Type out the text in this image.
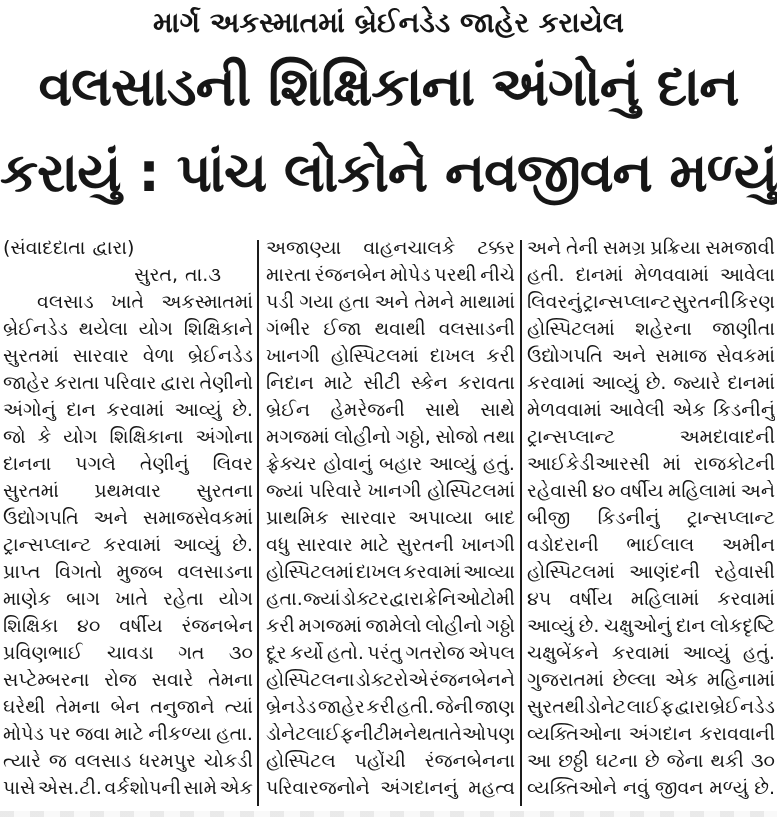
માર્ગ અકસ્માતમાં બ્રેઈનડેડ જાહેર કરાયેલ
વલસાડની શિક્ષિકાના અંગોનું દાન
કરાયું : પાંચ લોકોને નવજીવન મળ્યું
(સંવાદદાતા દ્વારા)
સુરત, તા.૩
વલસાડ ખાતે અકસ્માતમાં
બ્રેઈનડેડ થયેલા યોગ શિક્ષિકાને
સુરતમાં સારવાર વેળા બ્રેઈનડેડ
જાહેર કરાતા પરિવાર દ્વારા તેણીનો
અંગોનું દાન કરવામાં આવ્યું છે.
જો કે યોગ શિક્ષિકાના અંગોના
દાનના પગલે તેણીનું લિવર
સુરતમાં પ્રથમવાર સુરતના
ઉદ્યોગપતિ અને સમાજસેવકમાં
ટ્રાન્સપ્લાન્ટ કરવામાં આવ્યું છે.
પ્રાપ્ત વિગતો મુજબ વલસાડના
માણેક બાગ ખાતે રહેતા યોગ
શિક્ષિકા ૪૦ વર્ષીય રંજનબેન
પ્રવિણભાઈ ચાવડા ગત ૩૦
સપ્ટેમ્બરના રોજ સવારે તેમના
ઘરેથી તેમના બેન તનુજાને ત્યાં
મોપેડ પર જવા માટે નીકળ્યા હતા.
ત્યારે જ વલસાડ ધરમપુર ચોકડી
પાસે એસ.ટી. વર્કશોપની સામે એક
અજાણ્યા વાહનચાલકે ટક્કર
મારતા રંજનબેન મોપેડ પરથી નીચે
પડી ગયા હતા અને તેમને માથામાં
ગંભીર ઈજા થવાથી વલસાડની
ખાનગી હોસ્પિટલમાં દાખલ કરી
નિદાન માટે સીટી સ્કેન કરાવતા
બ્રેઈન હેમરેજની સાથે સાથે
મગજમાં લોહીનો ગઠ્ઠો, સોજો તથા
ફ્રેક્ચર હોવાનું બહાર આવ્યું હતું.
જ્યાં પરિવારે ખાનગી હોસ્પિટલમાં
પ્રાથમિક સારવાર અપાવ્યા બાદ
વધુ સારવાર માટે સુરતની ખાનગી
હોસ્પિટલમાં દાખલ કરવામાં આવ્યા
હતા. જ્યાં ડોક્ટર દ્વારા ક્રેનિઓટોમી
કરી મગજમાં જામેલો લોહીનો ગઠ્ઠો
દૂર કર્યો હતો. પરંતુ ગતરોજ એપલ
હોસ્પિટલના ડોક્ટરોએ રંજનબેનને
બ્રેનડેડ જાહેર કરી હતી. જેની જાણ
ડોનેટ લાઈફની ટીમને થતા તેઓ પણ
હોસ્પિટલ પહોંચી રંજનબેનના
પરિવારજનોને અંગદાનનું મહત્વ
અને તેની સમગ્ર પ્રક્રિયા સમજાવી
હતી. દાનમાં મેળવવામાં આવેલા
લિવરનું ટ્રાન્સપ્લાન્ટ સુરતની કિરણ
હોસ્પિટલમાં શહેરના જાણીતા
ઉદ્યોગપતિ અને સમાજ સેવકમાં
કરવામાં આવ્યું છે. જ્યારે દાનમાં
મેળવવામાં આવેલી એક કિડનીનું
ટ્રાન્સપ્લાન્ટ	અમદાવાદની
આઈકેડીઆરસી માં રાજકોટની
રહેવાસી ૪૦ વર્ષીય મહિલામાં અને
બીજી કિડનીનું ટ્રાન્સપ્લાન્ટ
વડોદરાની ભાઈલાલ અમીન
હોસ્પિટલમાં આણંદની રહેવાસી
૪૫ વર્ષીય મહિલામાં કરવામાં
આવ્યું છે. ચક્ષુઓનું દાન લોકદૃષ્ટિ
ચક્ષુબેંકને કરવામાં આવ્યું હતું.
ગુજરાતમાં છેલ્લા એક મહિનામાં
સુરતથી ડોનેટ લાઈફ દ્વારા બ્રેઈનડેડ
વ્યક્તિઓના અંગદાન કરાવવાની
આ છઠ્ઠી ઘટના છે જેના થકી ૩૦
વ્યક્તિઓને નવું જીવન મળ્યું છે.
